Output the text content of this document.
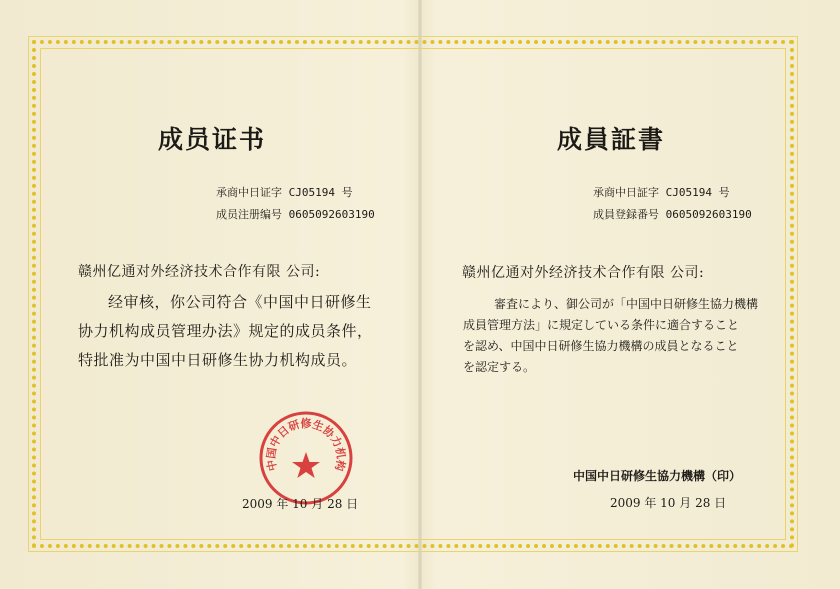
成员证书
承商中日证字 CJ05194 号
成员注册编号 0605092603190
赣州亿通对外经济技术合作有限 公司:
经审核，你公司符合《中国中日研修生
协力机构成员管理办法》规定的成员条件，
特批准为中国中日研修生协力机构成员。
中国中日研修生协力机构
2009 年 10 月 28 日
成員証書
承商中日証字 CJ05194 号
成員登録番号 0605092603190
赣州亿通对外经济技术合作有限 公司:
審査により、御公司が「中国中日研修生協力機構
成員管理方法」に規定している条件に適合すること
を認め、中国中日研修生協力機構の成員となること
を認定する。
中国中日研修生協力機構（印）
2009 年 10 月 28 日
